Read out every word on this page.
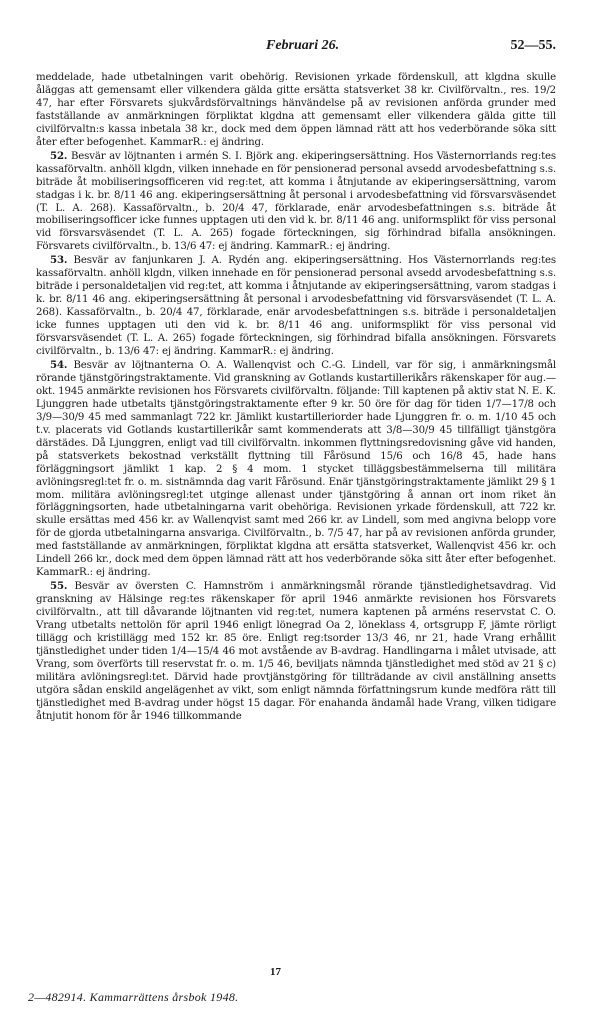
Februari 26.	52—55.

meddelade, hade utbetalningen varit obehörig. Revisionen yrkade fördenskull, att klgdna skulle åläggas att gemensamt eller vilkendera gälda gitte ersätta statsverket 38 kr. Civilförvaltn., res. 19/2 47, har efter Försvarets sjukvårdsförvaltnings hänvändelse på av revisionen anförda grunder med fastställande av anmärkningen förpliktat klgdna att gemensamt eller vilkendera gälda gitte till civilförvaltn:s kassa inbetala 38 kr., dock med dem öppen lämnad rätt att hos vederbörande söka sitt åter efter befogenhet. KammarR.: ej ändring.

52. Besvär av löjtnanten i armén S. I. Björk ang. ekiperingsersättning. Hos Västernorrlands reg:tes kassaförvaltn. anhöll klgdn, vilken innehade en för pensionerad personal avsedd arvodesbefattning s.s. biträde åt mobiliseringsofficeren vid reg:tet, att komma i åtnjutande av ekiperingsersättning, varom stadgas i k. br. 8/11 46 ang. ekiperingsersättning åt personal i arvodesbefattning vid försvarsväsendet (T. L. A. 268). Kassaförvaltn., b. 20/4 47, förklarade, enär arvodesbefattningen s.s. biträde åt mobiliseringsofficer icke funnes upptagen uti den vid k. br. 8/11 46 ang. uniformsplikt för viss personal vid försvarsväsendet (T. L. A. 265) fogade förteckningen, sig förhindrad bifalla ansökningen. Försvarets civilförvaltn., b. 13/6 47: ej ändring. KammarR.: ej ändring.

53. Besvär av fanjunkaren J. A. Rydén ang. ekiperingsersättning. Hos Västernorrlands reg:tes kassaförvaltn. anhöll klgdn, vilken innehade en för pensionerad personal avsedd arvodesbefattning s.s. biträde i personaldetaljen vid reg:tet, att komma i åtnjutande av ekiperingsersättning, varom stadgas i k. br. 8/11 46 ang. ekiperingsersättning åt personal i arvodesbefattning vid försvarsväsendet (T. L. A. 268). Kassaförvaltn., b. 20/4 47, förklarade, enär arvodesbefattningen s.s. biträde i personaldetaljen icke funnes upptagen uti den vid k. br. 8/11 46 ang. uniformsplikt för viss personal vid försvarsväsendet (T. L. A. 265) fogade förteckningen, sig förhindrad bifalla ansökningen. Försvarets civilförvaltn., b. 13/6 47: ej ändring. KammarR.: ej ändring.

54. Besvär av löjtnanterna O. A. Wallenqvist och C.-G. Lindell, var för sig, i anmärkningsmål rörande tjänstgöringstraktamente. Vid granskning av Gotlands kustartillerikårs räkenskaper för aug.—okt. 1945 anmärkte revisionen hos Försvarets civilförvaltn. följande: Till kaptenen på aktiv stat N. E. K. Ljunggren hade utbetalts tjänstgöringstraktamente efter 9 kr. 50 öre för dag för tiden 1/7—17/8 och 3/9—30/9 45 med sammanlagt 722 kr. Jämlikt kustartilleriorder hade Ljunggren fr. o. m. 1/10 45 och t.v. placerats vid Gotlands kustartillerikår samt kommenderats att 3/8—30/9 45 tillfälligt tjänstgöra därstädes. Då Ljunggren, enligt vad till civilförvaltn. inkommen flyttningsredovisning gåve vid handen, på statsverkets bekostnad verkställt flyttning till Fårösund 15/6 och 16/8 45, hade hans förläggningsort jämlikt 1 kap. 2 § 4 mom. 1 stycket tilläggsbestämmelserna till militära avlöningsregl:tet fr. o. m. sistnämnda dag varit Fårösund. Enär tjänstgöringstraktamente jämlikt 29 § 1 mom. militära avlöningsregl:tet utginge allenast under tjänstgöring å annan ort inom riket än förläggningsorten, hade utbetalningarna varit obehöriga. Revisionen yrkade fördenskull, att 722 kr. skulle ersättas med 456 kr. av Wallenqvist samt med 266 kr. av Lindell, som med angivna belopp vore för de gjorda utbetalningarna ansvariga. Civilförvaltn., b. 7/5 47, har på av revisionen anförda grunder, med fastställande av anmärkningen, förpliktat klgdna att ersätta statsverket, Wallenqvist 456 kr. och Lindell 266 kr., dock med dem öppen lämnad rätt att hos vederbörande söka sitt åter efter befogenhet. KammarR.: ej ändring.

55. Besvär av översten C. Hamnström i anmärkningsmål rörande tjänstledighetsavdrag. Vid granskning av Hälsinge reg:tes räkenskaper för april 1946 anmärkte revisionen hos Försvarets civilförvaltn., att till dåvarande löjtnanten vid reg:tet, numera kaptenen på arméns reservstat C. O. Vrang utbetalts nettolön för april 1946 enligt lönegrad Oa 2, löneklass 4, ortsgrupp F, jämte rörligt tillägg och kristillägg med 152 kr. 85 öre. Enligt reg:tsorder 13/3 46, nr 21, hade Vrang erhållit tjänstledighet under tiden 1/4—15/4 46 mot avstående av B-avdrag. Handlingarna i målet utvisade, att Vrang, som överförts till reservstat fr. o. m. 1/5 46, beviljats nämnda tjänstledighet med stöd av 21 § c) militära avlöningsregl:tet. Därvid hade provtjänstgöring för tillträdande av civil anställning ansetts utgöra sådan enskild angelägenhet av vikt, som enligt nämnda författningsrum kunde medföra rätt till tjänstledighet med B-avdrag under högst 15 dagar. För enahanda ändamål hade Vrang, vilken tidigare åtnjutit honom för år 1946 tillkommande

17
2—482914. Kammarrättens årsbok 1948.
